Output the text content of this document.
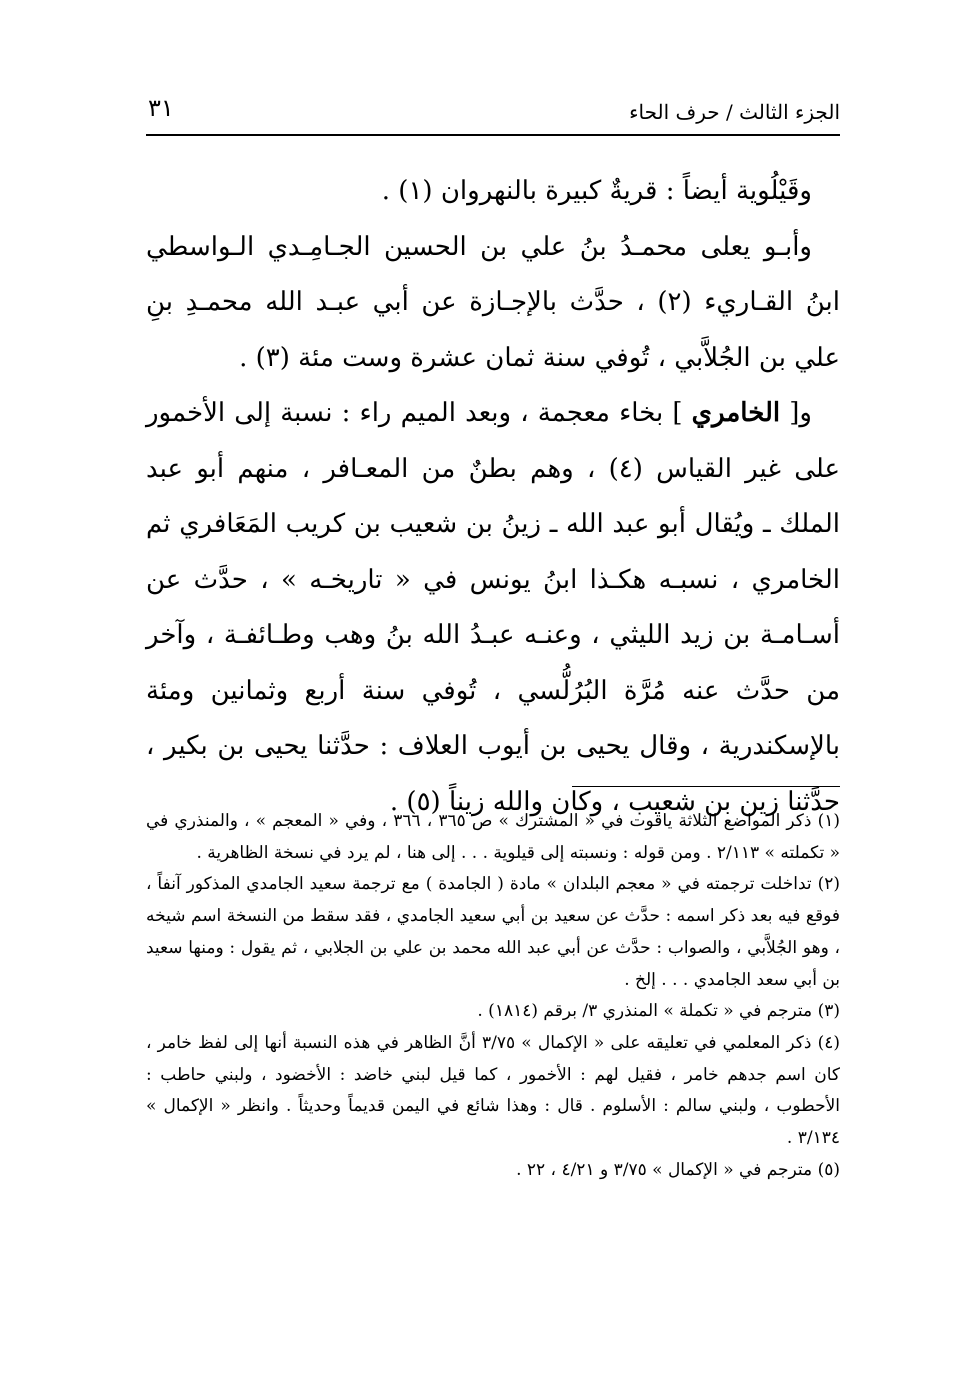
الجزء الثالث / حرف الحاء
٣١

وقَيْلُوية أيضاً : قريةٌ كبيرة بالنهروان (١) .

وأبـو يعلى محمـدُ بنُ علي بن الحسين الجـامِـدي الـواسطي ابنُ القـاريء (٢) ، حدَّث بالإجـازة عن أبي عبـد الله محمـدِ بنِ علي بن الجُلاَّبي ، تُوفي سنة ثمان عشرة وست مئة (٣) .

و[ الخامري ] بخاء معجمة ، وبعد الميم راء : نسبة إلى الأخمور على غير القياس (٤) ، وهم بطنٌ من المعـافر ، منهم أبو عبد الملك ـ ويُقال أبو عبد الله ـ زينُ بن شعيب بن كريب المَعَافري ثم الخامري ، نسبـه هكـذا ابنُ يونس في « تاريخـه » ، حدَّث عن أسـامـة بن زيد الليثي ، وعنـه عبـدُ الله بنُ وهب وطـائفـة ، وآخر من حدَّث عنه مُرَّة البُرُلُّسي ، تُوفي سنة أربع وثمانين ومئة بالإسكندرية ، وقال يحيى بن أيوب العلاف : حدَّثنا يحيى بن بكير ، حدَّثنا زين بن شعيب ، وكان والله زيناً (٥) .

(١) ذكر المواضع الثلاثة ياقوت في « المشترك » ص ٣٦٥ ، ٣٦٦ ، وفي « المعجم » ، والمنذري في « تكملته » ٢/١١٣ . ومن قوله : ونسبته إلى قيلوية . . . إلى هنا ، لم يرد في نسخة الظاهرية .

(٢) تداخلت ترجمته في « معجم البلدان » مادة ( الجامدة ) مع ترجمة سعيد الجامدي المذكور آنفاً ، فوقع فيه بعد ذكر اسمه : حدَّث عن سعيد بن أبي سعيد الجامدي ، فقد سقط من النسخة اسم شيخه ، وهو الجُلاَّبي ، والصواب : حدَّث عن أبي عبد الله محمد بن علي بن الجلابي ، ثم يقول : ومنها سعيد بن أبي سعد الجامدي . . . إلخ .

(٣) مترجم في « تكملة » المنذري ٣/ برقم (١٨١٤) .

(٤) ذكر المعلمي في تعليقه على « الإكمال » ٣/٧٥ أنَّ الظاهر في هذه النسبة أنها إلى لفظ خامر ، كان اسم جدهم خامر ، فقيل لهم : الأخمور ، كما قيل لبني خاضد : الأخضود ، ولبني حاطب : الأحطوب ، ولبني سالم : الأسلوم . قال : وهذا شائع في اليمن قديماً وحديثاً . وانظر « الإكمال » ٣/١٣٤ .

(٥) مترجم في « الإكمال » ٣/٧٥ و ٤/٢١ ، ٢٢ .
